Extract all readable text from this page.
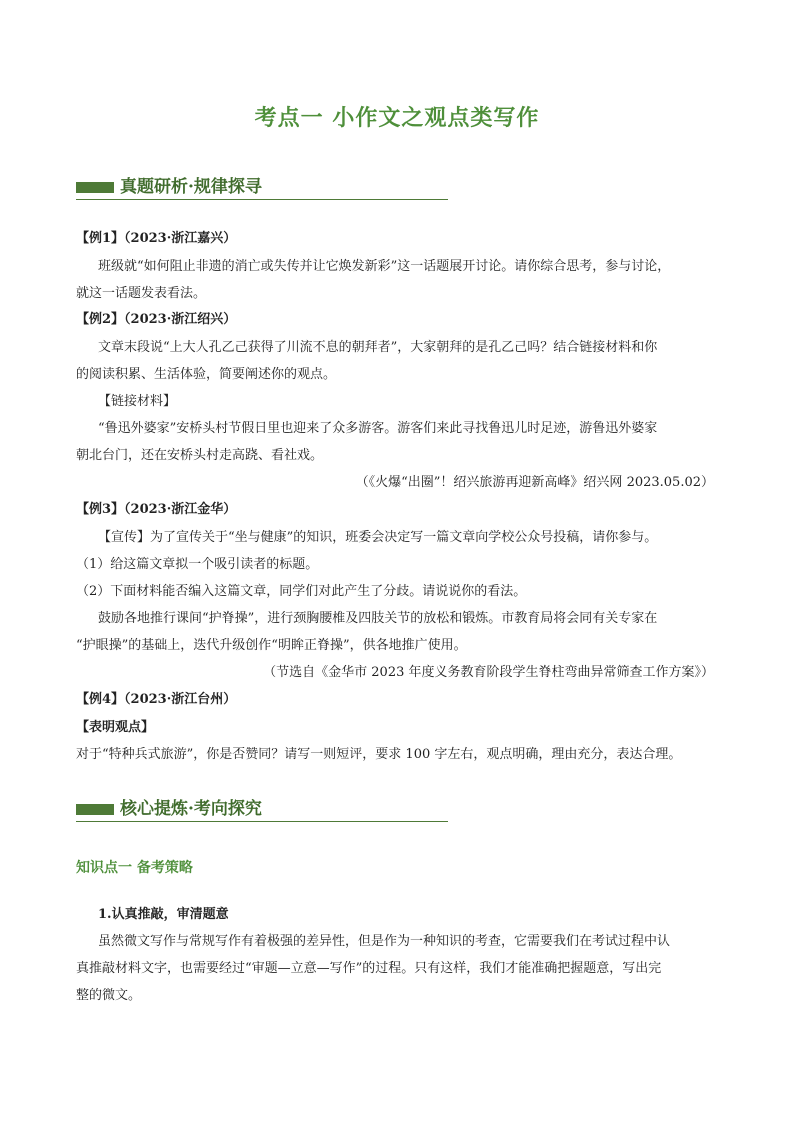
考点一 小作文之观点类写作
真题研析·规律探寻
【例1】（2023·浙江嘉兴）
班级就“如何阻止非遗的消亡或失传并让它焕发新彩”这一话题展开讨论。请你综合思考，参与讨论，
就这一话题发表看法。
【例2】（2023·浙江绍兴）
文章末段说“上大人孔乙己获得了川流不息的朝拜者”，大家朝拜的是孔乙己吗？结合链接材料和你
的阅读积累、生活体验，简要阐述你的观点。
【链接材料】
“鲁迅外婆家”安桥头村节假日里也迎来了众多游客。游客们来此寻找鲁迅儿时足迹，游鲁迅外婆家
朝北台门，还在安桥头村走高跷、看社戏。
（《火爆“出圈”！绍兴旅游再迎新高峰》绍兴网 2023.05.02）
【例3】（2023·浙江金华）
【宣传】为了宣传关于“坐与健康”的知识，班委会决定写一篇文章向学校公众号投稿，请你参与。
（1）给这篇文章拟一个吸引读者的标题。
（2）下面材料能否编入这篇文章，同学们对此产生了分歧。请说说你的看法。
鼓励各地推行课间“护脊操”，进行颈胸腰椎及四肢关节的放松和锻炼。市教育局将会同有关专家在
“护眼操”的基础上，迭代升级创作“明眸正脊操”，供各地推广使用。
（节选自《金华市 2023 年度义务教育阶段学生脊柱弯曲异常筛查工作方案》）
【例4】（2023·浙江台州）
【表明观点】
对于“特种兵式旅游”，你是否赞同？请写一则短评，要求 100 字左右，观点明确，理由充分，表达合理。
核心提炼·考向探究
知识点一 备考策略
1.认真推敲，审清题意
虽然微文写作与常规写作有着极强的差异性，但是作为一种知识的考查，它需要我们在考试过程中认
真推敲材料文字，也需要经过“审题—立意—写作”的过程。只有这样，我们才能准确把握题意，写出完
整的微文。
